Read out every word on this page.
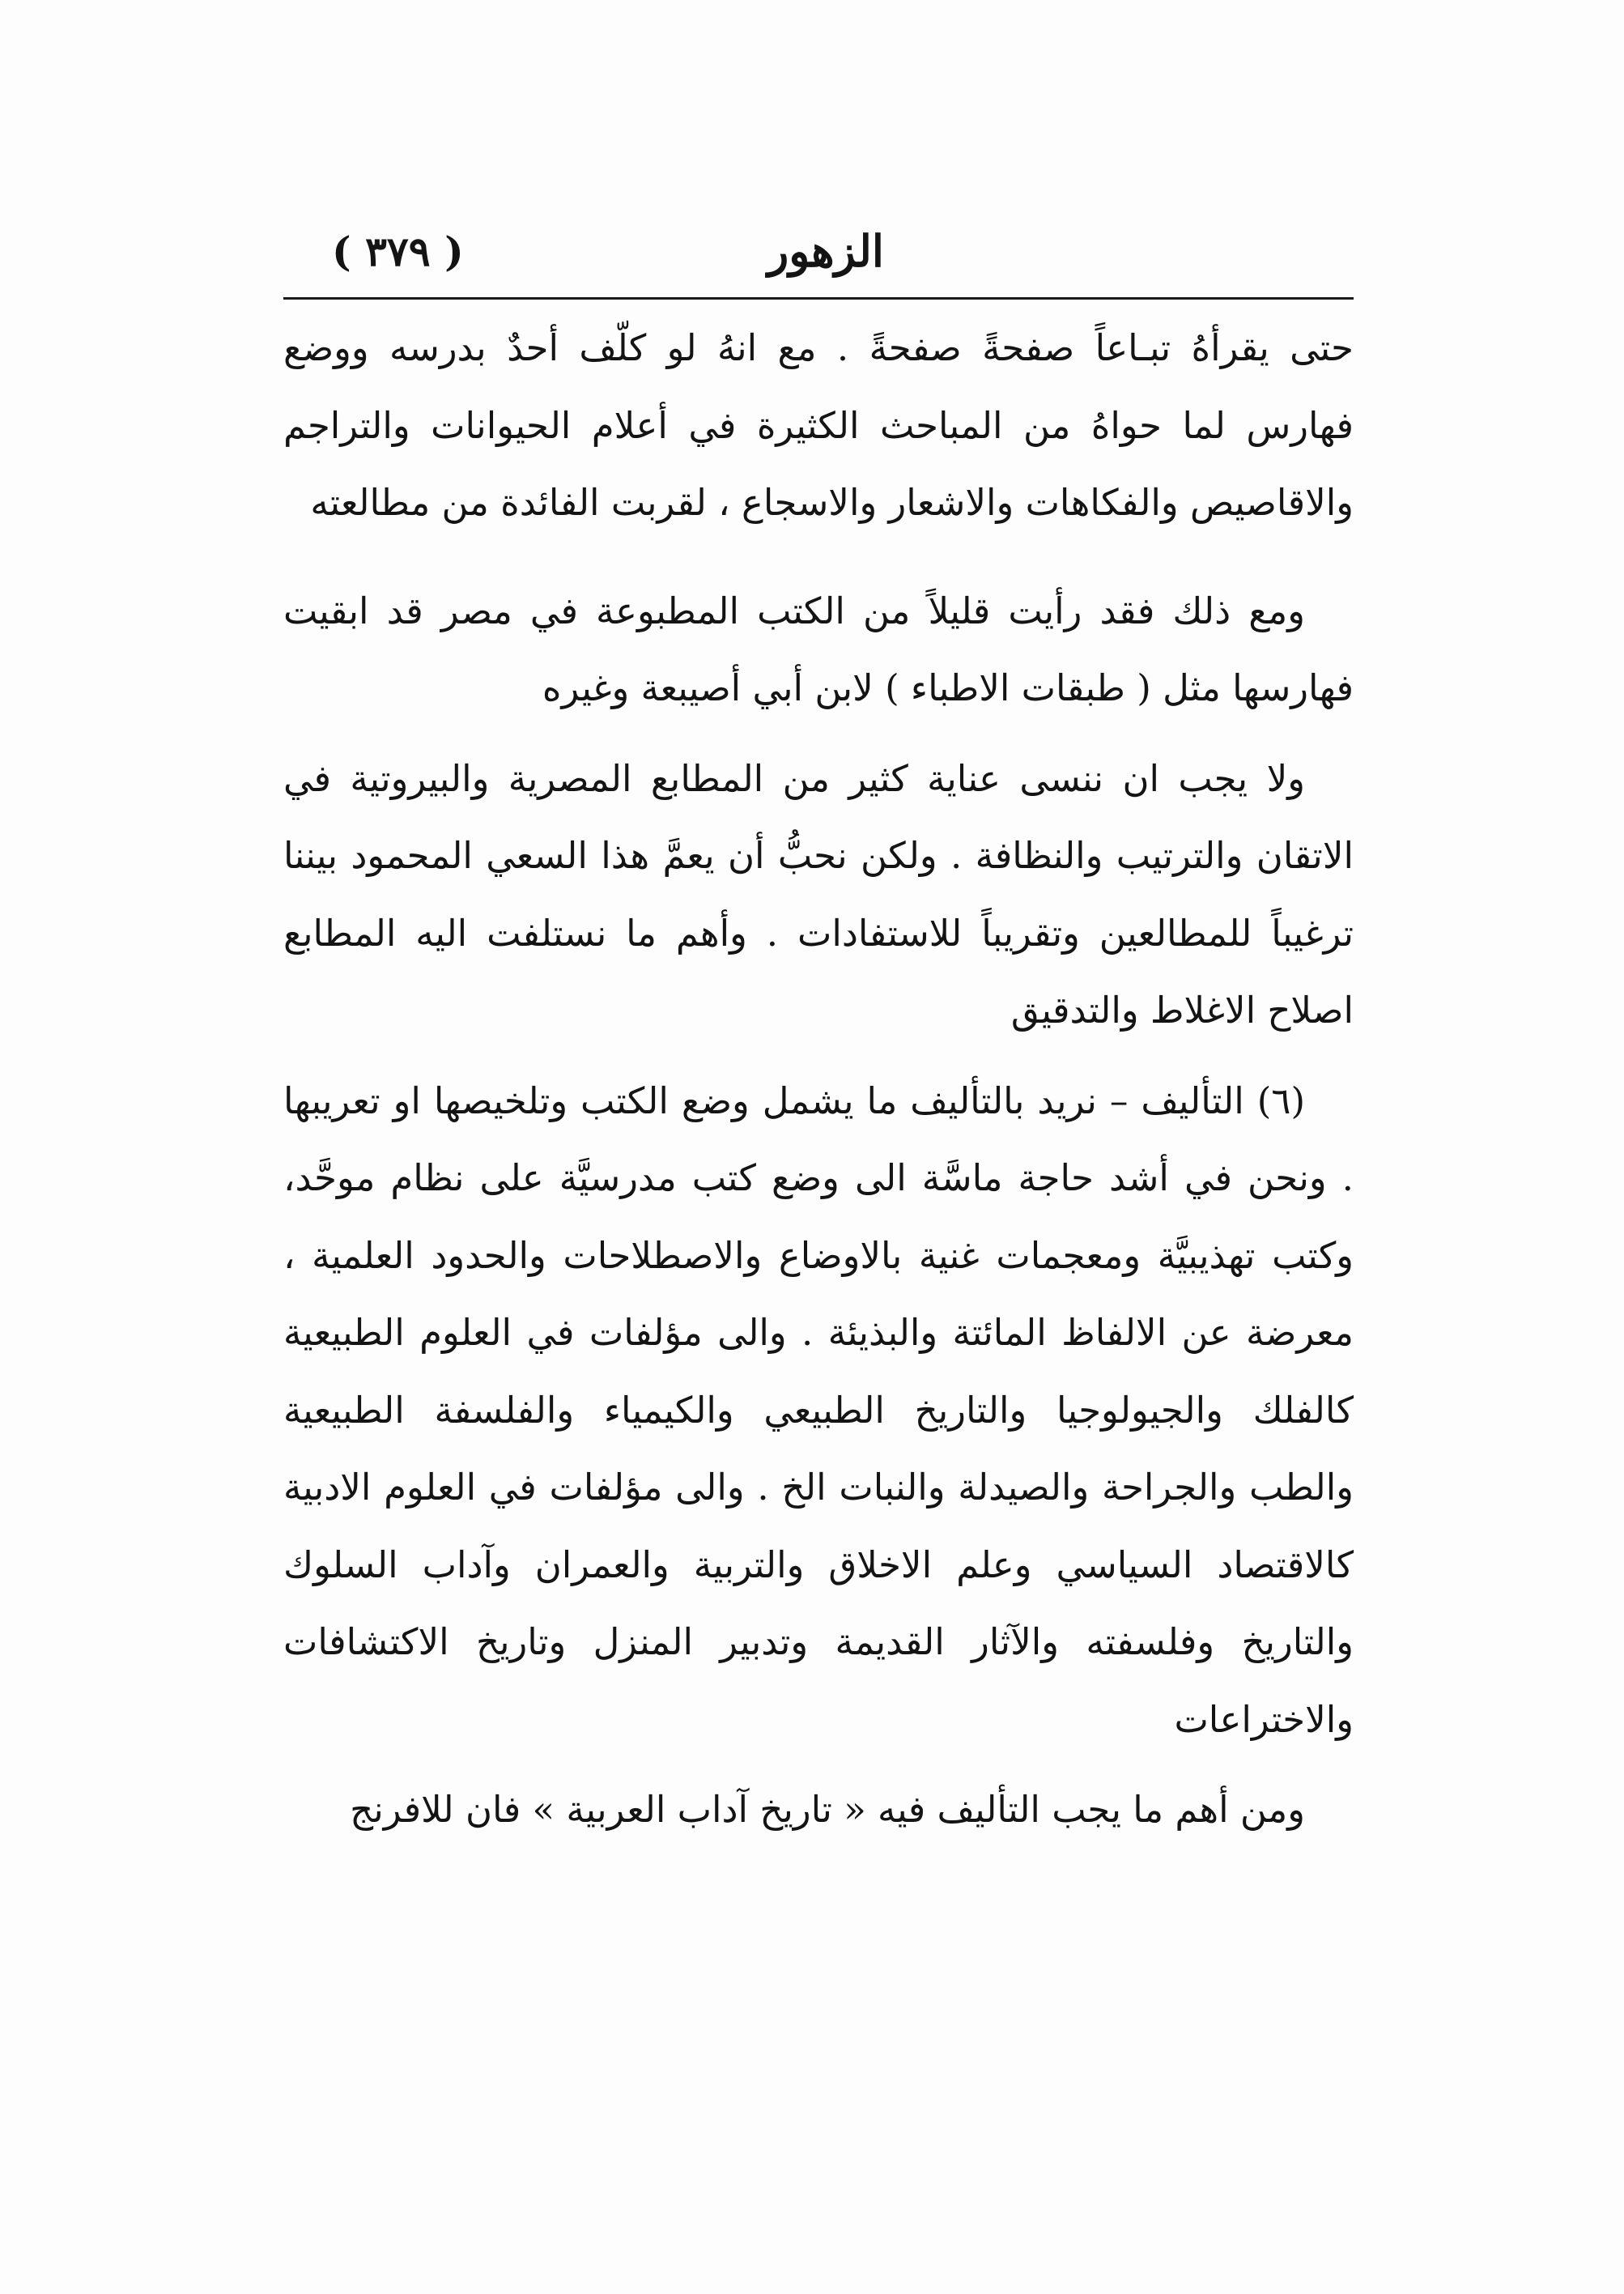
( ٣٧٩ )	الزهور

حتى يقرأهُ تبـاعاً صفحةً صفحةً . مع انهُ لو كلّف أحدٌ بدرسه ووضع فهارس لما حواهُ من المباحث الكثيرة في أعلام الحيوانات والتراجم والاقاصيص والفكاهات والاشعار والاسجاع ، لقربت الفائدة من مطالعته

ومع ذلك فقد رأيت قليلاً من الكتب المطبوعة في مصر قد ابقيت فهارسها مثل ( طبقات الاطباء ) لابن أبي أصيبعة وغيره

ولا يجب ان ننسى عناية كثير من المطابع المصرية والبيروتية في الاتقان والترتيب والنظافة . ولكن نحبُّ أن يعمَّ هذا السعي المحمود بيننا ترغيباً للمطالعين وتقريباً للاستفادات . وأهم ما نستلفت اليه المطابع اصلاح الاغلاط والتدقيق

(٦) التأليف – نريد بالتأليف ما يشمل وضع الكتب وتلخيصها او تعريبها . ونحن في أشد حاجة ماسَّة الى وضع كتب مدرسيَّة على نظام موحَّد، وكتب تهذيبيَّة ومعجمات غنية بالاوضاع والاصطلاحات والحدود العلمية ، معرضة عن الالفاظ المائتة والبذيئة . والى مؤلفات في العلوم الطبيعية كالفلك والجيولوجيا والتاريخ الطبيعي والكيمياء والفلسفة الطبيعية والطب والجراحة والصيدلة والنبات الخ . والى مؤلفات في العلوم الادبية كالاقتصاد السياسي وعلم الاخلاق والتربية والعمران وآداب السلوك والتاريخ وفلسفته والآثار القديمة وتدبير المنزل وتاريخ الاكتشافات والاختراعات

ومن أهم ما يجب التأليف فيه « تاريخ آداب العربية » فان للافرنج
